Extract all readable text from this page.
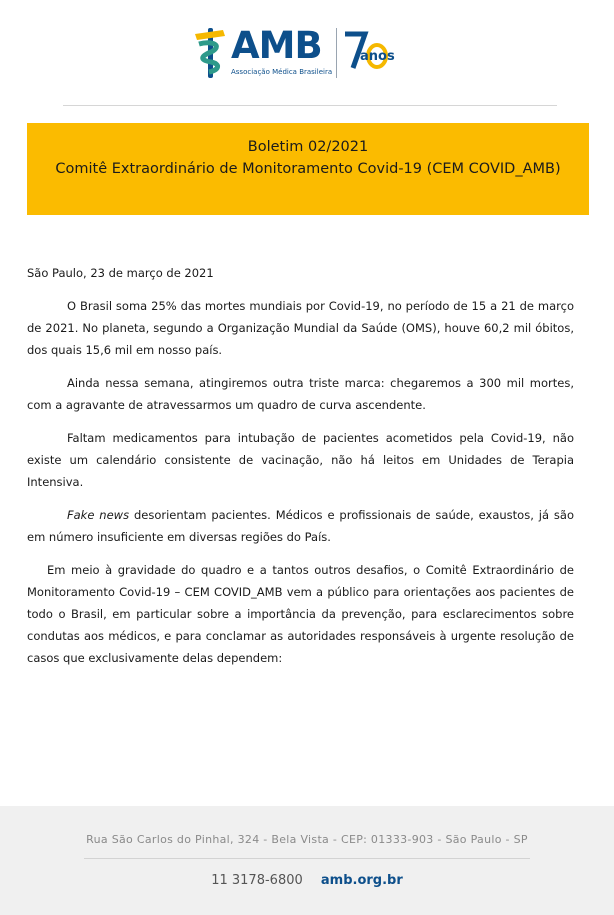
AMB
Associação Médica Brasileira
anos
Boletim 02/2021
Comitê Extraordinário de Monitoramento Covid-19 (CEM COVID_AMB)

São Paulo, 23 de março de 2021

O Brasil soma 25% das mortes mundiais por Covid-19, no período de 15 a 21 de março de 2021. No planeta, segundo a Organização Mundial da Saúde (OMS), houve 60,2 mil óbitos, dos quais 15,6 mil em nosso país.

Ainda nessa semana, atingiremos outra triste marca: chegaremos a 300 mil mortes, com a agravante de atravessarmos um quadro de curva ascendente.

Faltam medicamentos para intubação de pacientes acometidos pela Covid-19, não existe um calendário consistente de vacinação, não há leitos em Unidades de Terapia Intensiva.

Fake news desorientam pacientes. Médicos e profissionais de saúde, exaustos, já são em número insuficiente em diversas regiões do País.

Em meio à gravidade do quadro e a tantos outros desafios, o Comitê Extraordinário de Monitoramento Covid-19 – CEM COVID_AMB vem a público para orientações aos pacientes de todo o Brasil, em particular sobre a importância da prevenção, para esclarecimentos sobre condutas aos médicos, e para conclamar as autoridades responsáveis à urgente resolução de casos que exclusivamente delas dependem:

Rua São Carlos do Pinhal, 324 - Bela Vista - CEP: 01333-903 - São Paulo - SP
11 3178-6800 amb.org.br
